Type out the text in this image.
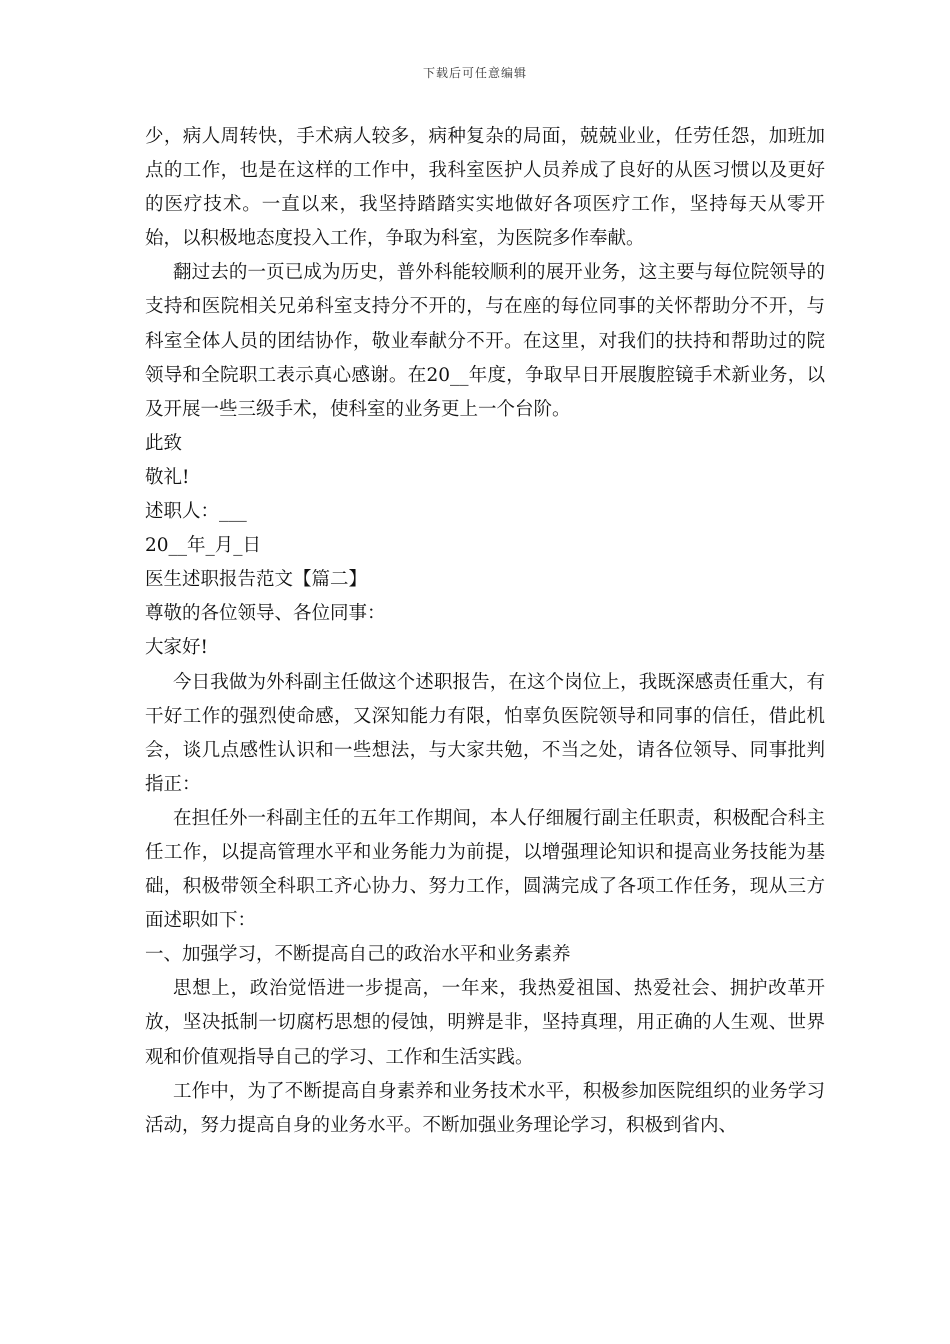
下载后可任意编辑

少，病人周转快，手术病人较多，病种复杂的局面，兢兢业业，任劳任怨，加班加点的工作，也是在这样的工作中，我科室医护人员养成了良好的从医习惯以及更好的医疗技术。一直以来，我坚持踏踏实实地做好各项医疗工作，坚持每天从零开始，以积极地态度投入工作，争取为科室，为医院多作奉献。

翻过去的一页已成为历史，普外科能较顺利的展开业务，这主要与每位院领导的支持和医院相关兄弟科室支持分不开的，与在座的每位同事的关怀帮助分不开，与科室全体人员的团结协作，敬业奉献分不开。在这里，对我们的扶持和帮助过的院领导和全院职工表示真心感谢。在20__年度，争取早日开展腹腔镜手术新业务，以及开展一些三级手术，使科室的业务更上一个台阶。

此致

敬礼!

述职人：___

20__年_月_日

医生述职报告范文【篇二】

尊敬的各位领导、各位同事：

大家好!

今日我做为外科副主任做这个述职报告，在这个岗位上，我既深感责任重大，有干好工作的强烈使命感，又深知能力有限，怕辜负医院领导和同事的信任，借此机会，谈几点感性认识和一些想法，与大家共勉，不当之处，请各位领导、同事批判指正：

在担任外一科副主任的五年工作期间，本人仔细履行副主任职责，积极配合科主任工作，以提高管理水平和业务能力为前提，以增强理论知识和提高业务技能为基础，积极带领全科职工齐心协力、努力工作，圆满完成了各项工作任务，现从三方面述职如下：

一、加强学习，不断提高自己的政治水平和业务素养

思想上，政治觉悟进一步提高，一年来，我热爱祖国、热爱社会、拥护改革开放，坚决抵制一切腐朽思想的侵蚀，明辨是非，坚持真理，用正确的人生观、世界观和价值观指导自己的学习、工作和生活实践。

工作中，为了不断提高自身素养和业务技术水平，积极参加医院组织的业务学习活动，努力提高自身的业务水平。不断加强业务理论学习，积极到省内、
